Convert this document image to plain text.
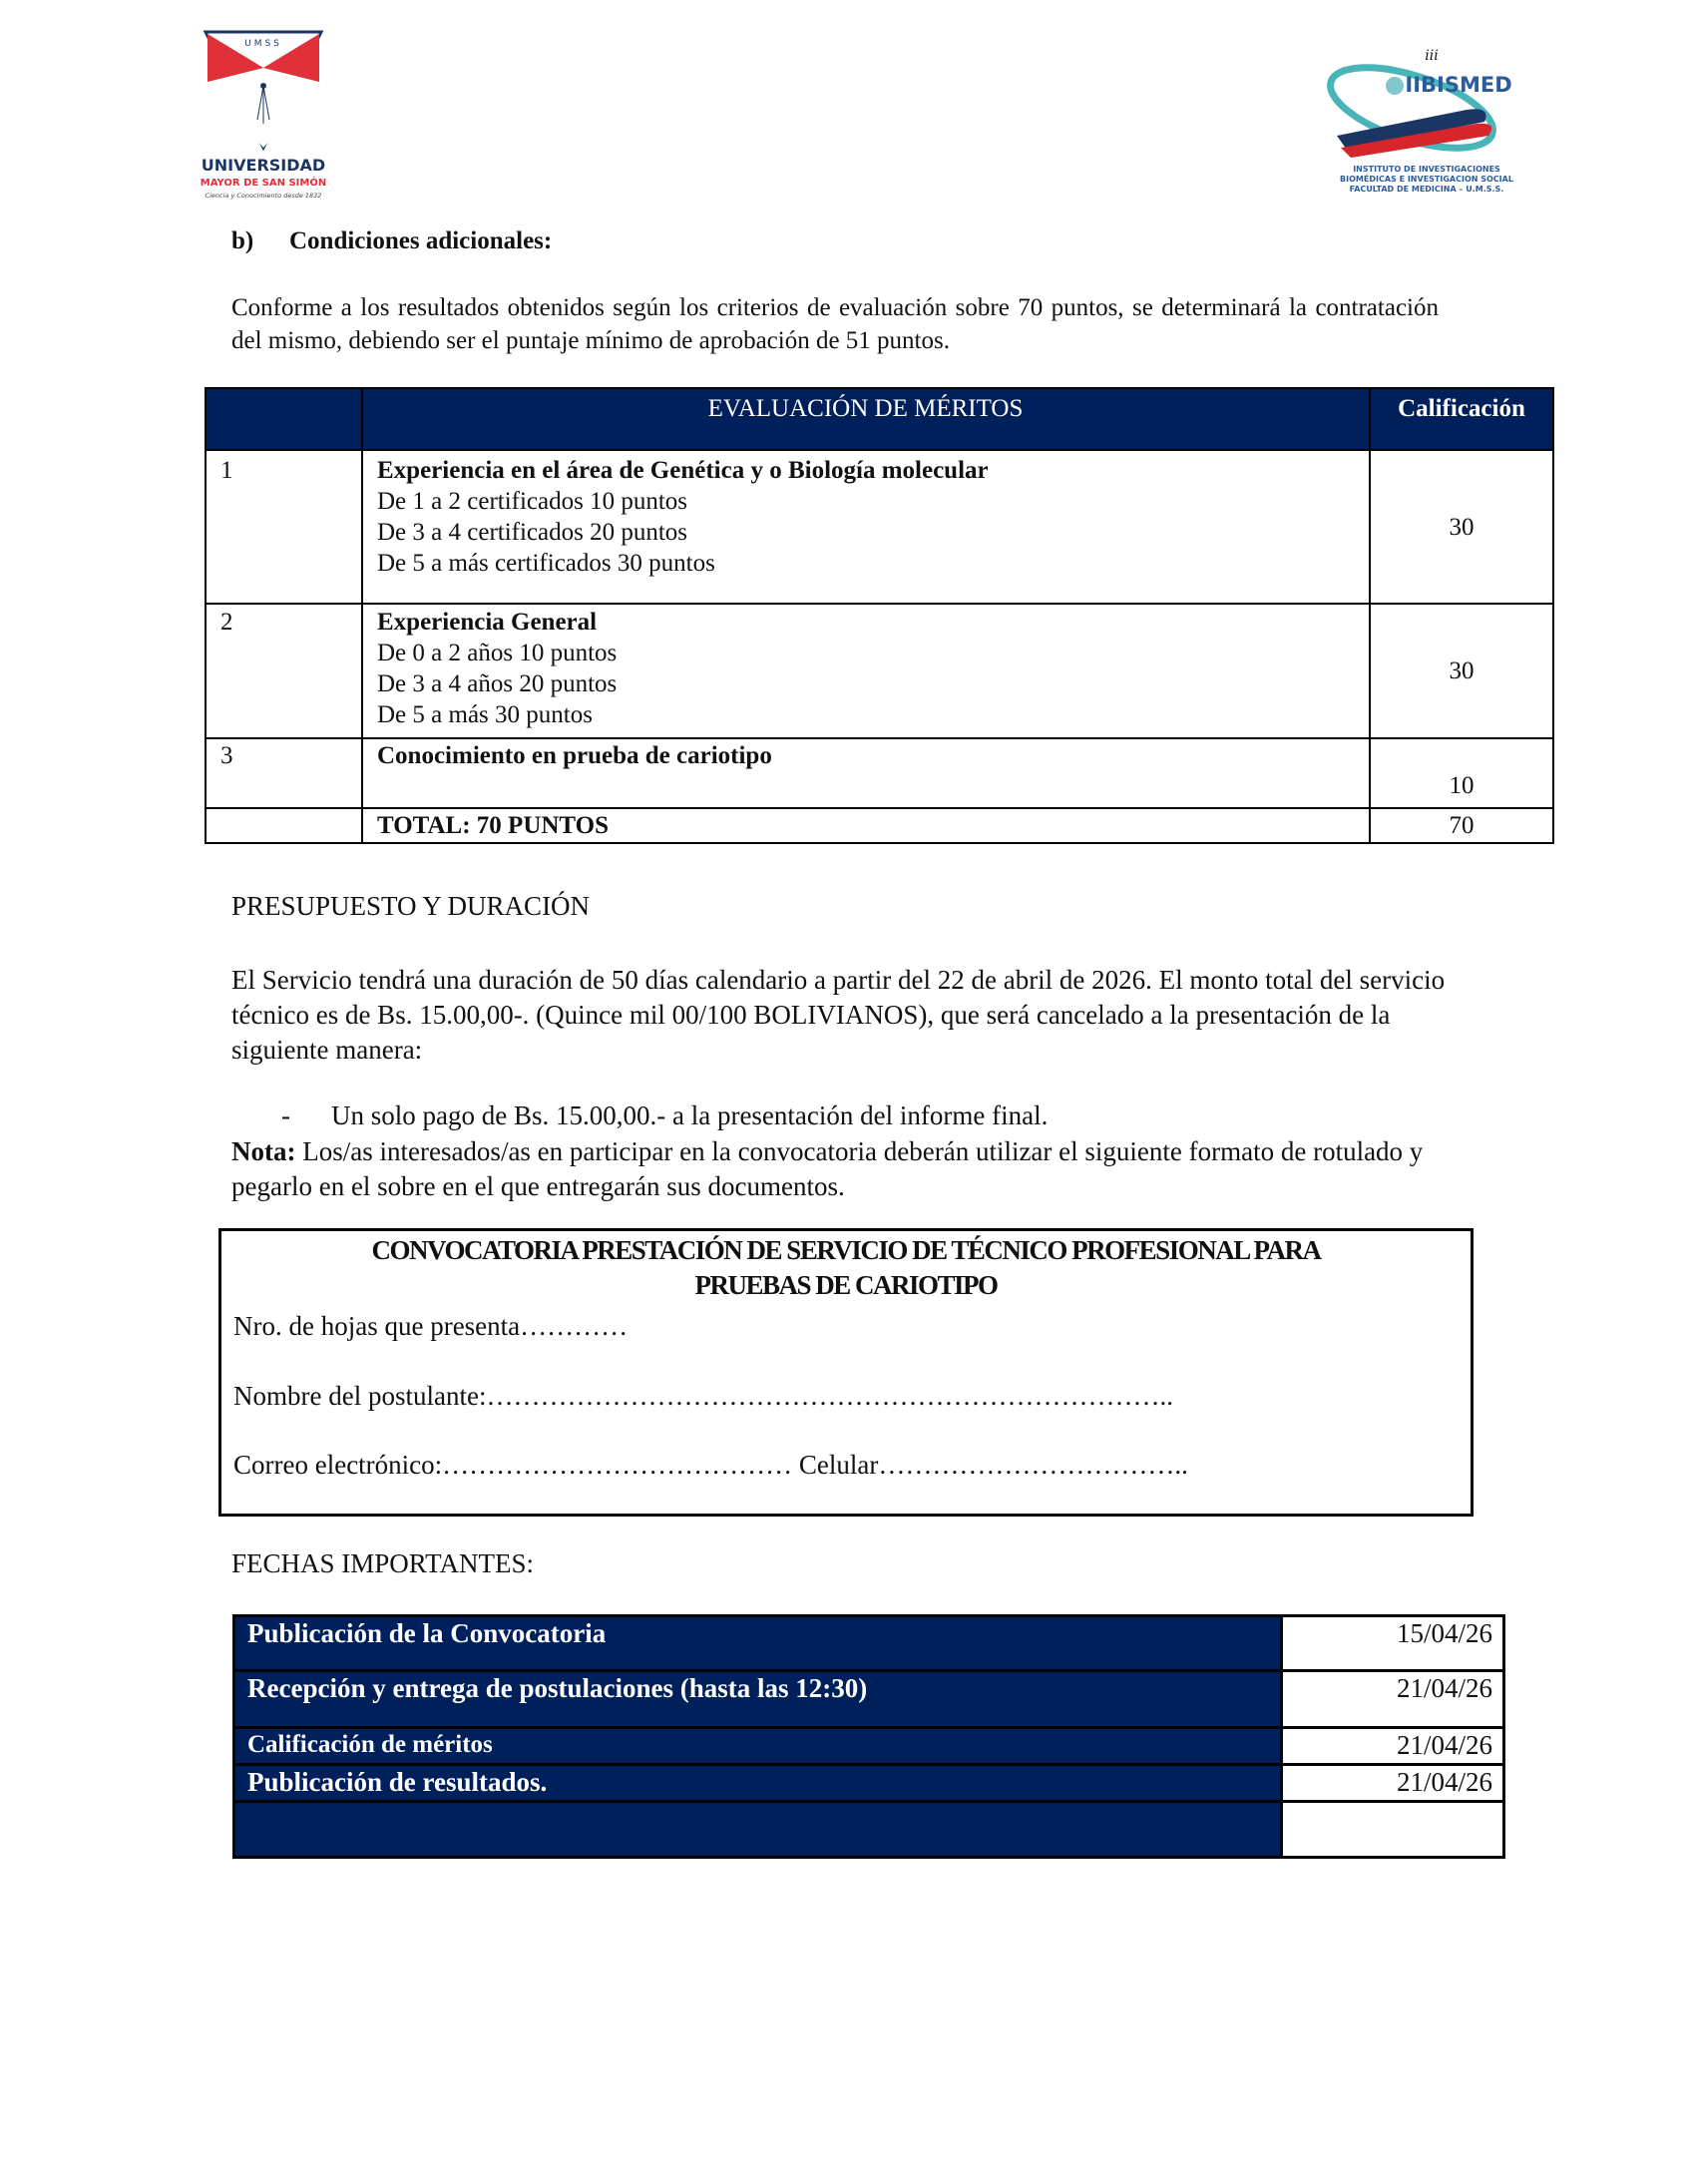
UMSS
UNIVERSIDAD
MAYOR DE SAN SIMÓN
Ciencia y Conocimiento desde 1832
IIBISMED
iii
INSTITUTO DE INVESTIGACIONES
BIOMÉDICAS E INVESTIGACION SOCIAL
FACULTAD DE MEDICINA – U.M.S.S.
b) Condiciones adicionales:
Conforme a los resultados obtenidos según los criterios de evaluación sobre 70 puntos, se determinará la contratación del mismo, debiendo ser el puntaje mínimo de aprobación de 51 puntos.
	EVALUACIÓN DE MÉRITOS	Calificación
1	Experiencia en el área de Genética y o Biología molecular
De 1 a 2 certificados 10 puntos
De 3 a 4 certificados 20 puntos
De 5 a más certificados 30 puntos	30
2	Experiencia General
De 0 a 2 años 10 puntos
De 3 a 4 años 20 puntos
De 5 a más 30 puntos	30
3	Conocimiento en prueba de cariotipo	10
	TOTAL: 70 PUNTOS	70
PRESUPUESTO Y DURACIÓN
El Servicio tendrá una duración de 50 días calendario a partir del 22 de abril de 2026. El monto total del servicio técnico es de Bs. 15.00,00-. (Quince mil 00/100 BOLIVIANOS), que será cancelado a la presentación de la siguiente manera:
- Un solo pago de Bs. 15.00,00.- a la presentación del informe final.
Nota: Los/as interesados/as en participar en la convocatoria deberán utilizar el siguiente formato de rotulado y pegarlo en el sobre en el que entregarán sus documentos.
CONVOCATORIA PRESTACIÓN DE SERVICIO DE TÉCNICO PROFESIONAL PARA
PRUEBAS DE CARIOTIPO
Nro. de hojas que presenta…………
Nombre del postulante:…………………………………………………………………..
Correo electrónico:………………………………… Celular……………………………..
FECHAS IMPORTANTES:
Publicación de la Convocatoria	15/04/26
Recepción y entrega de postulaciones (hasta las 12:30)	21/04/26
Calificación de méritos	21/04/26
Publicación de resultados.	21/04/26
